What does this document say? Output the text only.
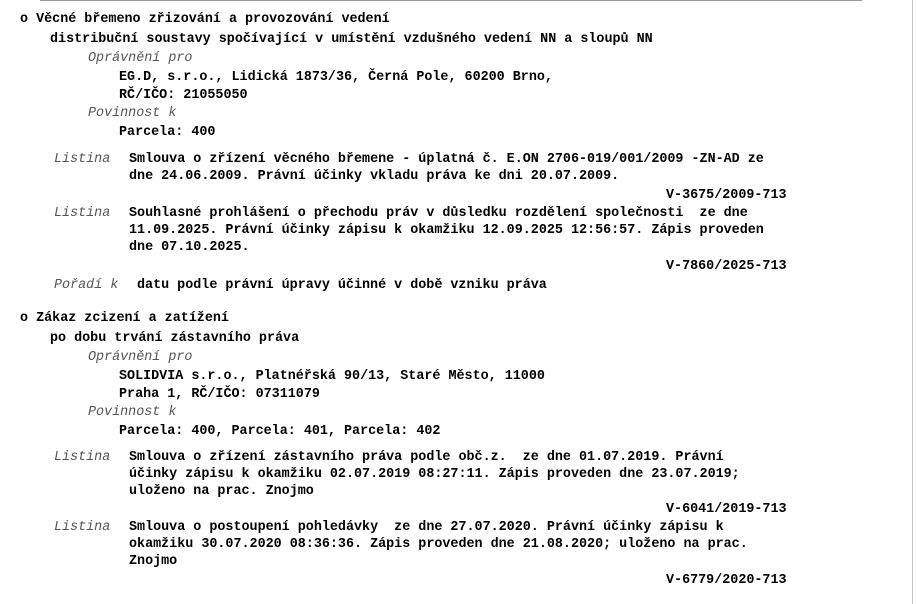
o Věcné břemeno zřizování a provozování vedení
distribuční soustavy spočívající v umístění vzdušného vedení NN a sloupů NN
Oprávnění pro
EG.D, s.r.o., Lidická 1873/36, Černá Pole, 60200 Brno,
RČ/IČO: 21055050
Povinnost k
Parcela: 400
Listina Smlouva o zřízení věcného břemene - úplatná č. E.ON 2706-019/001/2009 -ZN-AD ze
dne 24.06.2009. Právní účinky vkladu práva ke dni 20.07.2009.
V-3675/2009-713
Listina Souhlasné prohlášení o přechodu práv v důsledku rozdělení společnosti  ze dne
11.09.2025. Právní účinky zápisu k okamžiku 12.09.2025 12:56:57. Zápis proveden
dne 07.10.2025.
V-7860/2025-713
Pořadí k datu podle právní úpravy účinné v době vzniku práva
o Zákaz zcizení a zatížení
po dobu trvání zástavního práva
Oprávnění pro
SOLIDVIA s.r.o., Platnéřská 90/13, Staré Město, 11000
Praha 1, RČ/IČO: 07311079
Povinnost k
Parcela: 400, Parcela: 401, Parcela: 402
Listina Smlouva o zřízení zástavního práva podle obč.z.  ze dne 01.07.2019. Právní
účinky zápisu k okamžiku 02.07.2019 08:27:11. Zápis proveden dne 23.07.2019;
uloženo na prac. Znojmo
V-6041/2019-713
Listina Smlouva o postoupení pohledávky  ze dne 27.07.2020. Právní účinky zápisu k
okamžiku 30.07.2020 08:36:36. Zápis proveden dne 21.08.2020; uloženo na prac.
Znojmo
V-6779/2020-713
